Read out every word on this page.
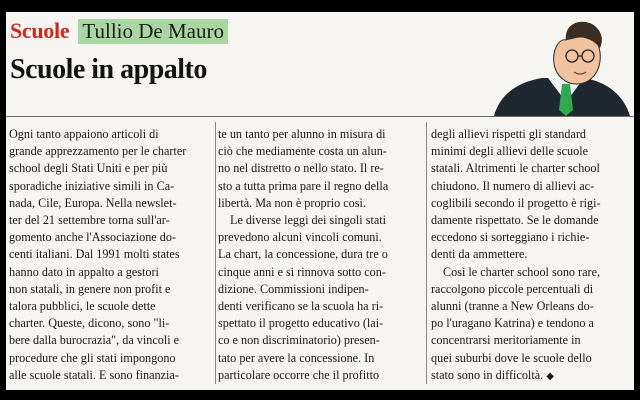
Scuole Tullio De Mauro
Scuole in appalto
Ogni tanto appaiono articoli di
grande apprezzamento per le charter
school degli Stati Uniti e per più
sporadiche iniziative simili in Ca-
nada, Cile, Europa. Nella newslet-
ter del 21 settembre torna sull'ar-
gomento anche l'Associazione do-
centi italiani. Dal 1991 molti states
hanno dato in appalto a gestori
non statali, in genere non profit e
talora pubblici, le scuole dette
charter. Queste, dicono, sono "li-
bere dalla burocrazia", da vincoli e
procedure che gli stati impongono
alle scuole statali. E sono finanzia-
te un tanto per alunno in misura di
ciò che mediamente costa un alun-
no nel distretto o nello stato. Il re-
sto a tutta prima pare il regno della
libertà. Ma non è proprio così.
Le diverse leggi dei singoli stati
prevedono alcuni vincoli comuni.
La chart, la concessione, dura tre o
cinque anni e si rinnova sotto con-
dizione. Commissioni indipen-
denti verificano se la scuola ha ri-
spettato il progetto educativo (lai-
co e non discriminatorio) presen-
tato per avere la concessione. In
particolare occorre che il profitto
degli allievi rispetti gli standard
minimi degli allievi delle scuole
statali. Altrimenti le charter school
chiudono. Il numero di allievi ac-
coglibili secondo il progetto è rigi-
damente rispettato. Se le domande
eccedono si sorteggiano i richie-
denti da ammettere.
Così le charter school sono rare,
raccolgono piccole percentuali di
alunni (tranne a New Orleans do-
po l'uragano Katrina) e tendono a
concentrarsi meritoriamente in
quei suburbi dove le scuole dello
stato sono in difficoltà. ◆
